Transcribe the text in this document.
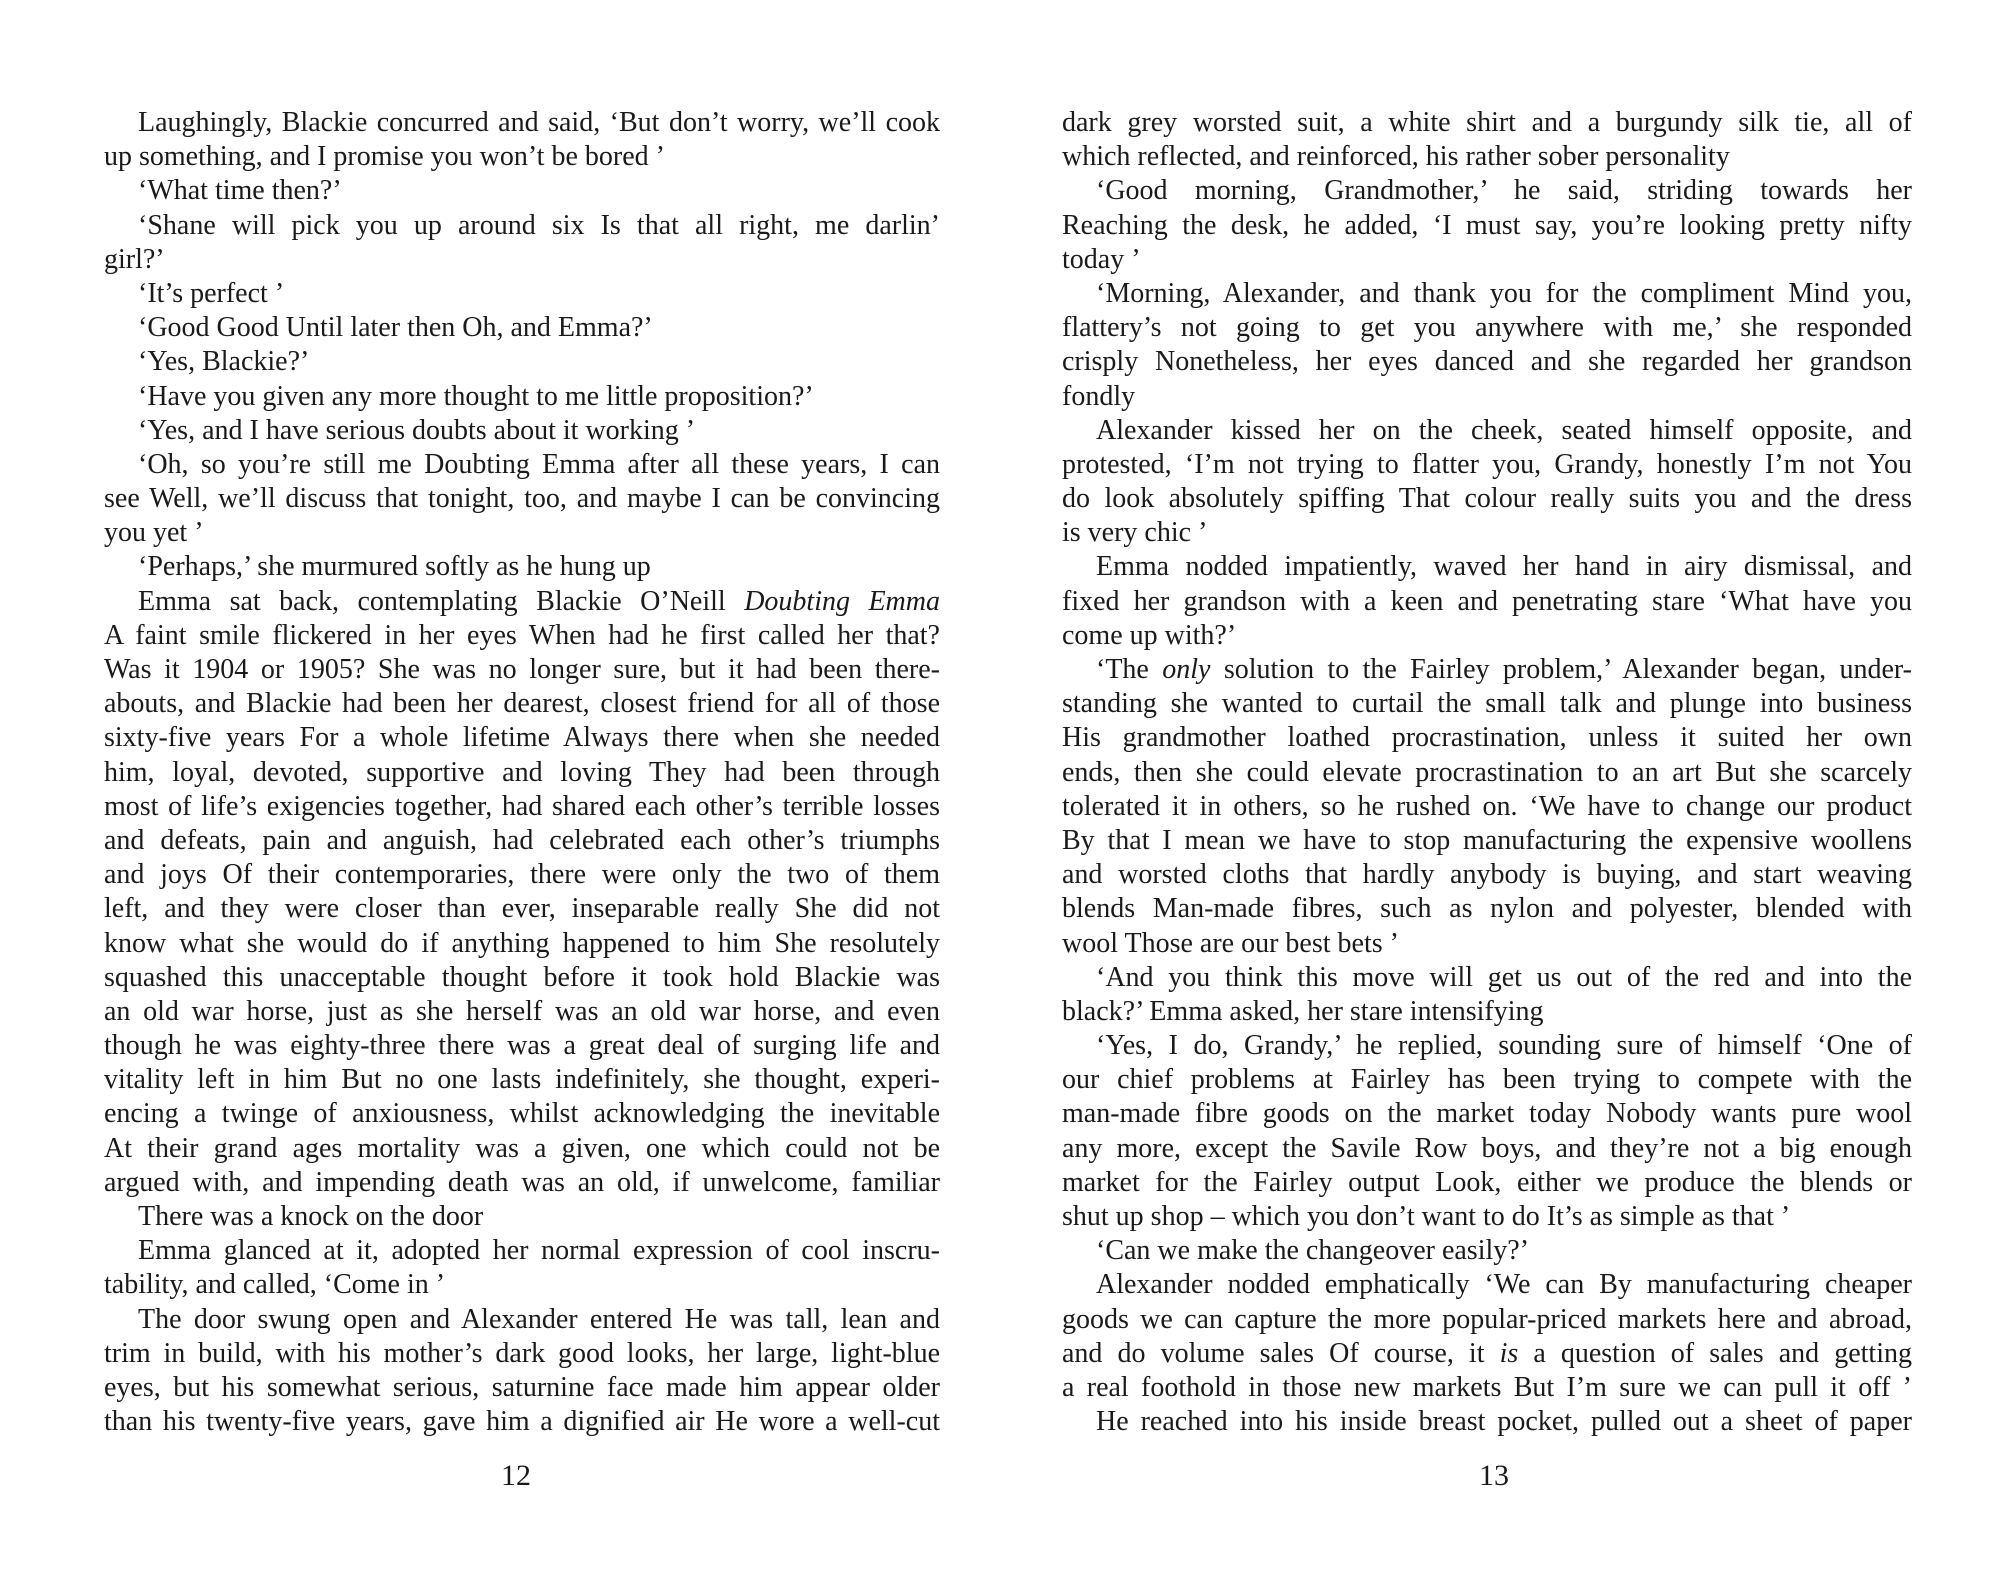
Laughingly, Blackie concurred and said, ‘But don’t worry, we’ll cook
up something, and I promise you won’t be bored ’
‘What time then?’
‘Shane will pick you up around six Is that all right, me darlin’
girl?’
‘It’s perfect ’
‘Good Good Until later then Oh, and Emma?’
‘Yes, Blackie?’
‘Have you given any more thought to me little proposition?’
‘Yes, and I have serious doubts about it working ’
‘Oh, so you’re still me Doubting Emma after all these years, I can
see Well, we’ll discuss that tonight, too, and maybe I can be convincing
you yet ’
‘Perhaps,’ she murmured softly as he hung up
Emma sat back, contemplating Blackie O’Neill Doubting Emma
A faint smile flickered in her eyes When had he first called her that?
Was it 1904 or 1905? She was no longer sure, but it had been there-
abouts, and Blackie had been her dearest, closest friend for all of those
sixty-five years For a whole lifetime Always there when she needed
him, loyal, devoted, supportive and loving They had been through
most of life’s exigencies together, had shared each other’s terrible losses
and defeats, pain and anguish, had celebrated each other’s triumphs
and joys Of their contemporaries, there were only the two of them
left, and they were closer than ever, inseparable really She did not
know what she would do if anything happened to him She resolutely
squashed this unacceptable thought before it took hold Blackie was
an old war horse, just as she herself was an old war horse, and even
though he was eighty-three there was a great deal of surging life and
vitality left in him But no one lasts indefinitely, she thought, experi-
encing a twinge of anxiousness, whilst acknowledging the inevitable
At their grand ages mortality was a given, one which could not be
argued with, and impending death was an old, if unwelcome, familiar
There was a knock on the door
Emma glanced at it, adopted her normal expression of cool inscru-
tability, and called, ‘Come in ’
The door swung open and Alexander entered He was tall, lean and
trim in build, with his mother’s dark good looks, her large, light-blue
eyes, but his somewhat serious, saturnine face made him appear older
than his twenty-five years, gave him a dignified air He wore a well-cut
12
dark grey worsted suit, a white shirt and a burgundy silk tie, all of
which reflected, and reinforced, his rather sober personality
‘Good morning, Grandmother,’ he said, striding towards her
Reaching the desk, he added, ‘I must say, you’re looking pretty nifty
today ’
‘Morning, Alexander, and thank you for the compliment Mind you,
flattery’s not going to get you anywhere with me,’ she responded
crisply Nonetheless, her eyes danced and she regarded her grandson
fondly
Alexander kissed her on the cheek, seated himself opposite, and
protested, ‘I’m not trying to flatter you, Grandy, honestly I’m not You
do look absolutely spiffing That colour really suits you and the dress
is very chic ’
Emma nodded impatiently, waved her hand in airy dismissal, and
fixed her grandson with a keen and penetrating stare ‘What have you
come up with?’
‘The only solution to the Fairley problem,’ Alexander began, under-
standing she wanted to curtail the small talk and plunge into business
His grandmother loathed procrastination, unless it suited her own
ends, then she could elevate procrastination to an art But she scarcely
tolerated it in others, so he rushed on. ‘We have to change our product
By that I mean we have to stop manufacturing the expensive woollens
and worsted cloths that hardly anybody is buying, and start weaving
blends Man-made fibres, such as nylon and polyester, blended with
wool Those are our best bets ’
‘And you think this move will get us out of the red and into the
black?’ Emma asked, her stare intensifying
‘Yes, I do, Grandy,’ he replied, sounding sure of himself ‘One of
our chief problems at Fairley has been trying to compete with the
man-made fibre goods on the market today Nobody wants pure wool
any more, except the Savile Row boys, and they’re not a big enough
market for the Fairley output Look, either we produce the blends or
shut up shop – which you don’t want to do It’s as simple as that ’
‘Can we make the changeover easily?’
Alexander nodded emphatically ‘We can By manufacturing cheaper
goods we can capture the more popular-priced markets here and abroad,
and do volume sales Of course, it is a question of sales and getting
a real foothold in those new markets But I’m sure we can pull it off ’
He reached into his inside breast pocket, pulled out a sheet of paper
13
